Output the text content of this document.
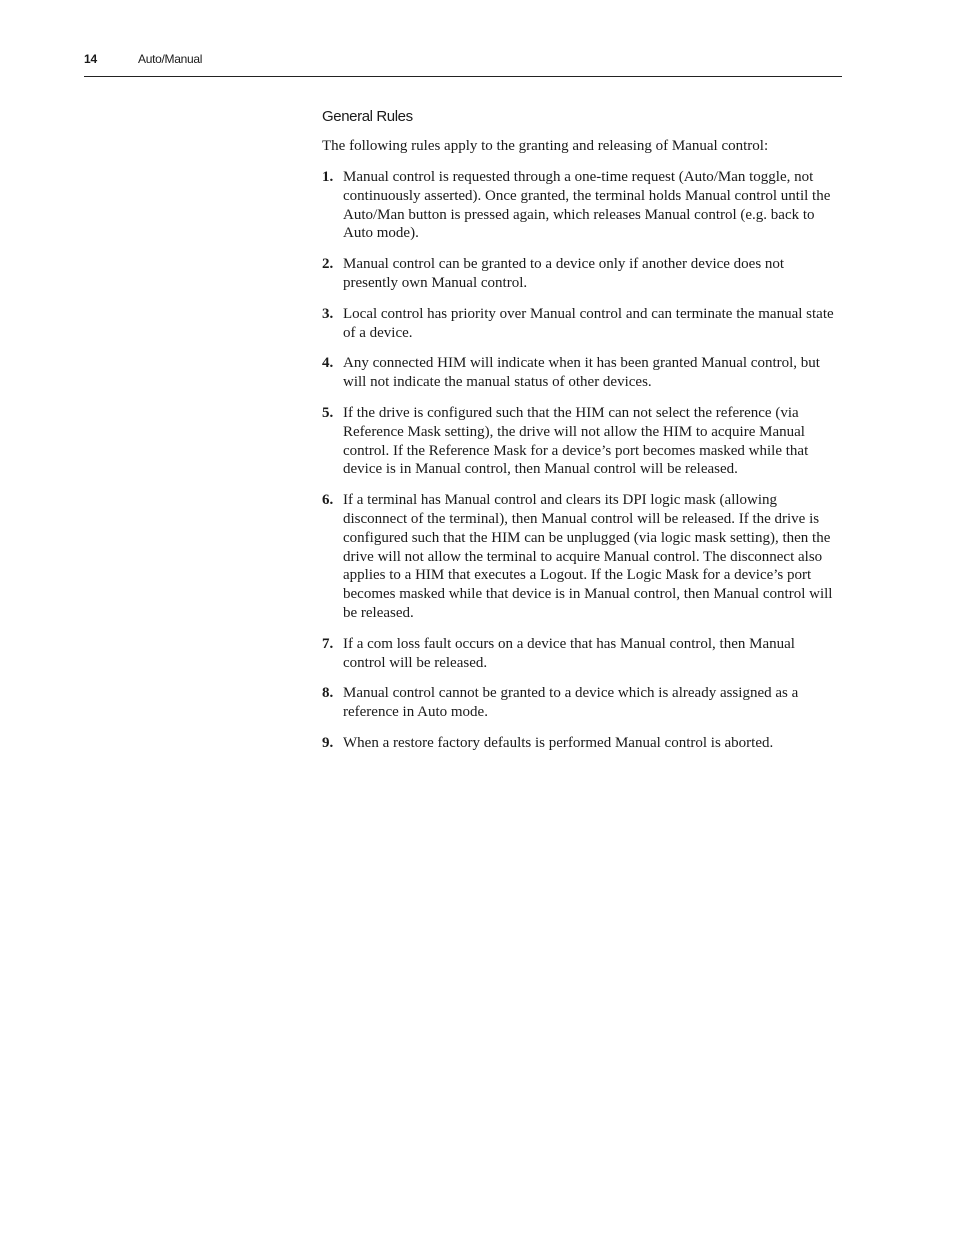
14	Auto/Manual
General Rules

The following rules apply to the granting and releasing of Manual control:

1. Manual control is requested through a one-time request (Auto/Man toggle, not continuously asserted). Once granted, the terminal holds Manual control until the Auto/Man button is pressed again, which releases Manual control (e.g. back to Auto mode).
2. Manual control can be granted to a device only if another device does not presently own Manual control.
3. Local control has priority over Manual control and can terminate the manual state of a device.
4. Any connected HIM will indicate when it has been granted Manual control, but will not indicate the manual status of other devices.
5. If the drive is configured such that the HIM can not select the reference (via Reference Mask setting), the drive will not allow the HIM to acquire Manual control. If the Reference Mask for a device’s port becomes masked while that device is in Manual control, then Manual control will be released.
6. If a terminal has Manual control and clears its DPI logic mask (allowing disconnect of the terminal), then Manual control will be released. If the drive is configured such that the HIM can be unplugged (via logic mask setting), then the drive will not allow the terminal to acquire Manual control. The disconnect also applies to a HIM that executes a Logout. If the Logic Mask for a device’s port becomes masked while that device is in Manual control, then Manual control will be released.
7. If a com loss fault occurs on a device that has Manual control, then Manual control will be released.
8. Manual control cannot be granted to a device which is already assigned as a reference in Auto mode.
9. When a restore factory defaults is performed Manual control is aborted.
